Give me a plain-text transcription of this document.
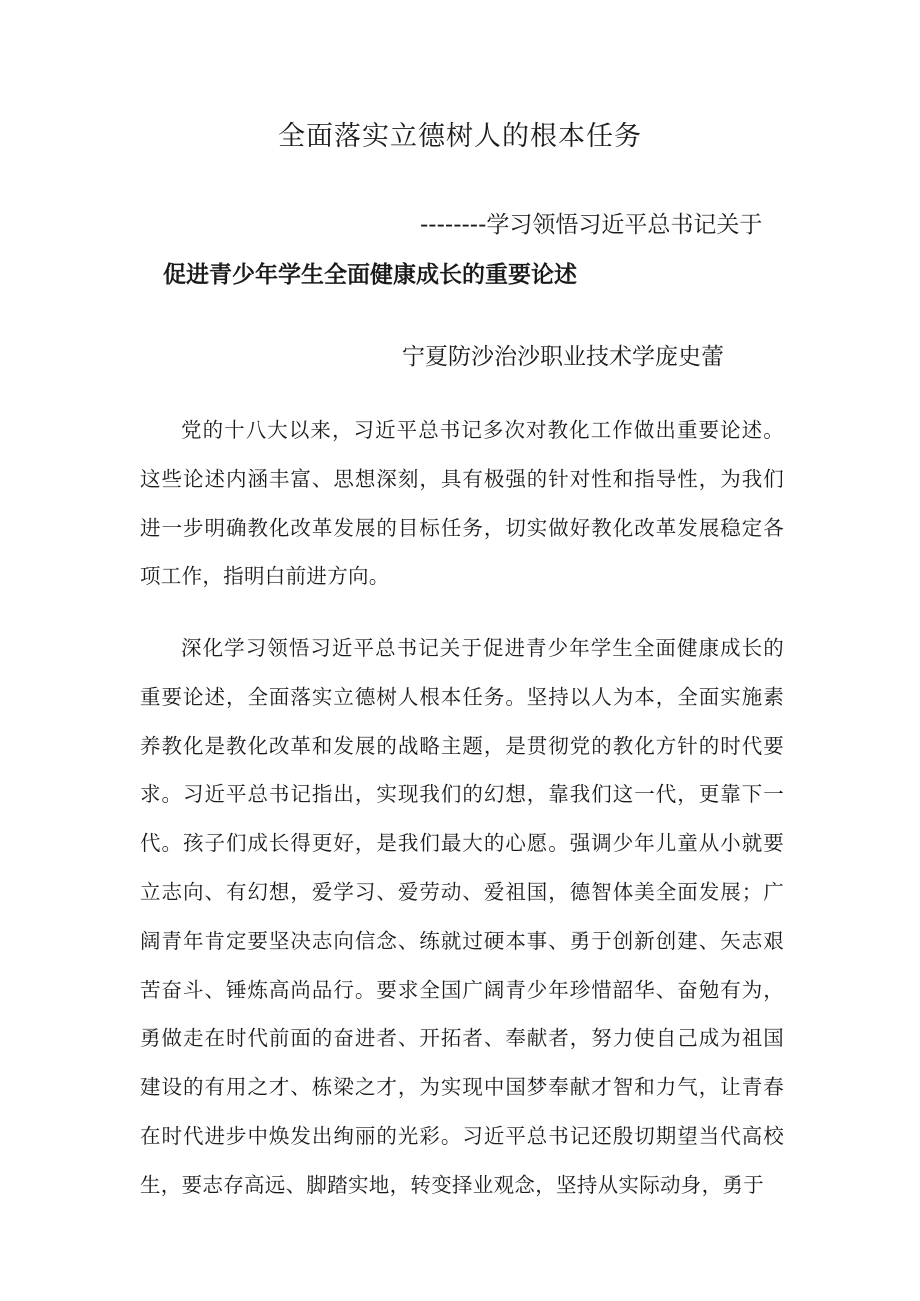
全面落实立德树人的根本任务
--------学习领悟习近平总书记关于
促进青少年学生全面健康成长的重要论述
宁夏防沙治沙职业技术学庞史蕾

党的十八大以来，习近平总书记多次对教化工作做出重要论述。这些论述内涵丰富、思想深刻，具有极强的针对性和指导性，为我们进一步明确教化改革发展的目标任务，切实做好教化改革发展稳定各项工作，指明白前进方向。

深化学习领悟习近平总书记关于促进青少年学生全面健康成长的重要论述，全面落实立德树人根本任务。坚持以人为本，全面实施素养教化是教化改革和发展的战略主题，是贯彻党的教化方针的时代要求。习近平总书记指出，实现我们的幻想，靠我们这一代，更靠下一代。孩子们成长得更好，是我们最大的心愿。强调少年儿童从小就要立志向、有幻想，爱学习、爱劳动、爱祖国，德智体美全面发展；广阔青年肯定要坚决志向信念、练就过硬本事、勇于创新创建、矢志艰苦奋斗、锤炼高尚品行。要求全国广阔青少年珍惜韶华、奋勉有为，勇做走在时代前面的奋进者、开拓者、奉献者，努力使自己成为祖国建设的有用之才、栋梁之才，为实现中国梦奉献才智和力气，让青春在时代进步中焕发出绚丽的光彩。习近平总书记还殷切期望当代高校生，要志存高远、脚踏实地，转变择业观念，坚持从实际动身，勇于
